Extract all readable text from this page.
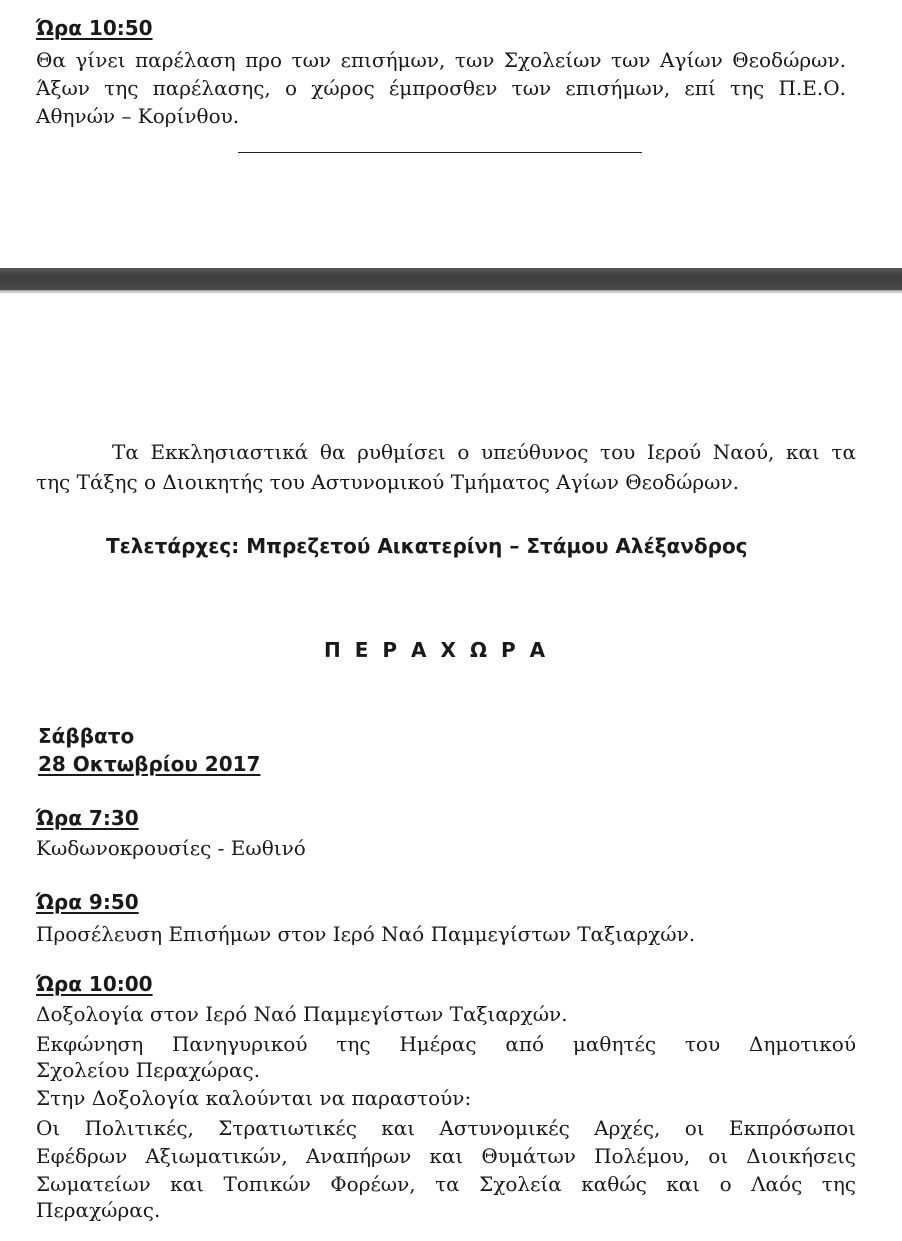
Ώρα 10:50
Θα γίνει παρέλαση προ των επισήμων, των Σχολείων των Αγίων Θεοδώρων.
Άξων της παρέλασης, ο χώρος έμπροσθεν των επισήμων, επί της Π.Ε.Ο.
Αθηνών – Κορίνθου.
Τα Εκκλησιαστικά θα ρυθμίσει ο υπεύθυνος του Ιερού Ναού, και τα
της Τάξης ο Διοικητής του Αστυνομικού Τμήματος Αγίων Θεοδώρων.
Τελετάρχες: Μπρεζετού Αικατερίνη – Στάμου Αλέξανδρος
ΠΕΡΑΧΩΡΑ
Σάββατο
28 Οκτωβρίου 2017
Ώρα 7:30
Κωδωνοκρουσίες - Εωθινό
Ώρα 9:50
Προσέλευση Επισήμων στον Ιερό Ναό Παμμεγίστων Ταξιαρχών.
Ώρα 10:00
Δοξολογία στον Ιερό Ναό Παμμεγίστων Ταξιαρχών.
Εκφώνηση Πανηγυρικού της Ημέρας από μαθητές του Δημοτικού
Σχολείου Περαχώρας.
Στην Δοξολογία καλούνται να παραστούν:
Οι Πολιτικές, Στρατιωτικές και Αστυνομικές Αρχές, οι Εκπρόσωποι
Εφέδρων Αξιωματικών, Αναπήρων και Θυμάτων Πολέμου, οι Διοικήσεις
Σωματείων και Τοπικών Φορέων, τα Σχολεία καθώς και ο Λαός της
Περαχώρας.
